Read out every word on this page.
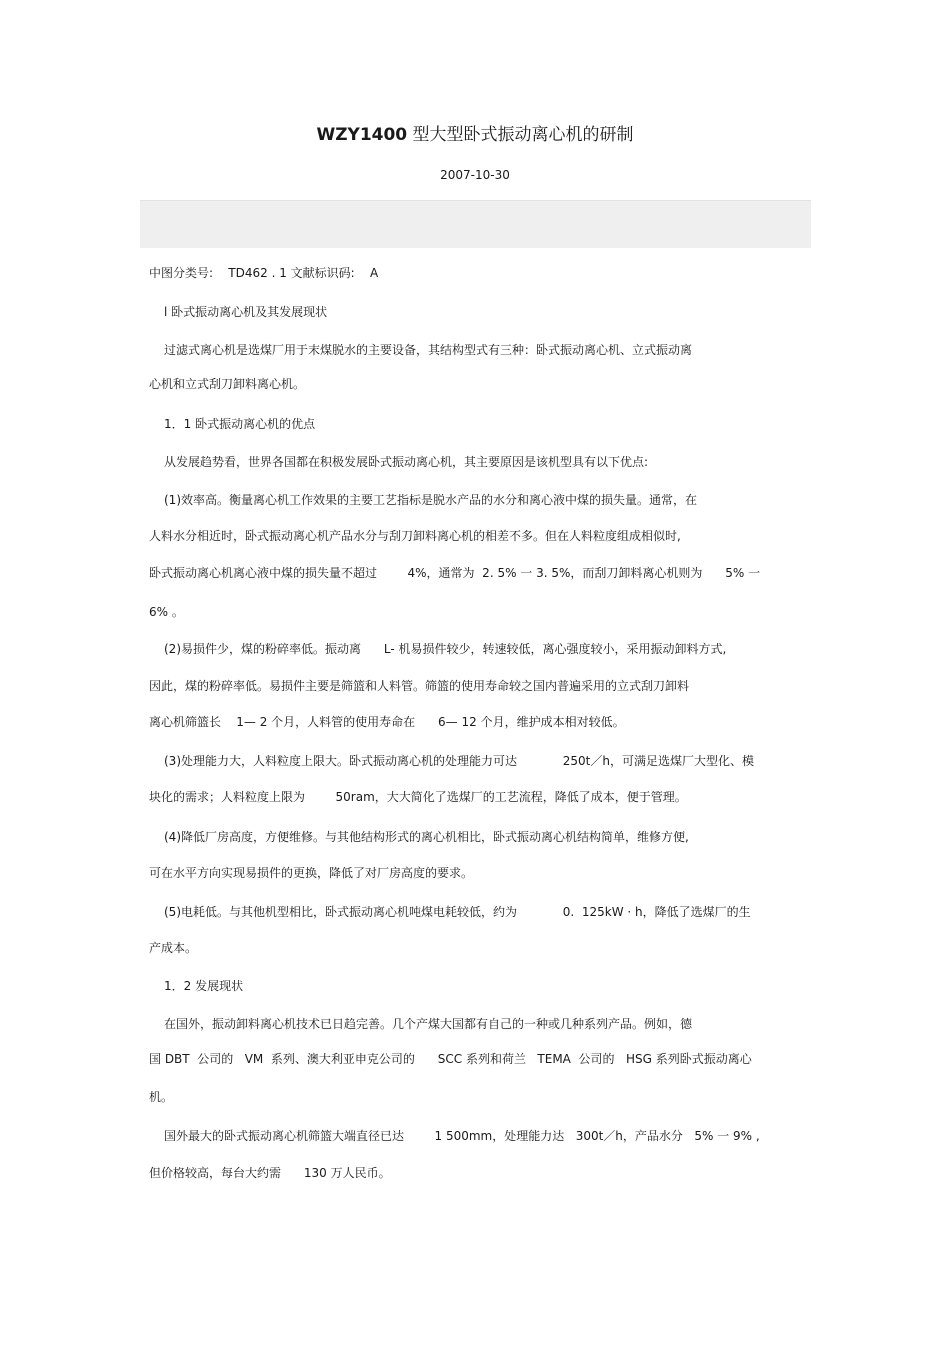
WZY1400 型大型卧式振动离心机的研制
2007-10-30
中图分类号:    TD462 . 1 文献标识码:    A
l 卧式振动离心机及其发展现状
过滤式离心机是选煤厂用于末煤脱水的主要设备，其结构型式有三种：卧式振动离心机、立式振动离
心机和立式刮刀卸料离心机。
1．1 卧式振动离心机的优点
从发展趋势看，世界各国都在积极发展卧式振动离心机，其主要原因是该机型具有以下优点:
(1)效率高。衡量离心机工作效果的主要工艺指标是脱水产品的水分和离心液中煤的损失量。通常，在
人料水分相近时，卧式振动离心机产品水分与刮刀卸料离心机的相差不多。但在人料粒度组成相似时,
卧式振动离心机离心液中煤的损失量不超过        4%，通常为  2. 5% 一 3. 5%，而刮刀卸料离心机则为      5% 一
6% 。
(2)易损件少，煤的粉碎率低。振动离      L- 机易损件较少，转速较低，离心强度较小，采用振动卸料方式,
因此，煤的粉碎率低。易损件主要是筛篮和人料管。筛篮的使用寿命较之国内普遍采用的立式刮刀卸料
离心机筛篮长    1— 2 个月，人料管的使用寿命在      6— 12 个月，维护成本相对较低。
(3)处理能力大，人料粒度上限大。卧式振动离心机的处理能力可达            250t／h，可满足选煤厂大型化、模
块化的需求；人料粒度上限为        50ram，大大简化了选煤厂的工艺流程，降低了成本，便于管理。
(4)降低厂房高度，方便维修。与其他结构形式的离心机相比，卧式振动离心机结构简单，维修方便,
可在水平方向实现易损件的更换，降低了对厂房高度的要求。
(5)电耗低。与其他机型相比，卧式振动离心机吨煤电耗较低，约为            0.  125kW · h，降低了选煤厂的生
产成本。
1．2 发展现状
在国外，振动卸料离心机技术已日趋完善。几个产煤大国都有自己的一种或几种系列产品。例如，德
国 DBT  公司的   VM  系列、澳大利亚申克公司的      SCC 系列和荷兰   TEMA  公司的   HSG 系列卧式振动离心
机。
国外最大的卧式振动离心机筛篮大端直径已达        1 500mm，处理能力达   300t／h，产品水分   5% 一 9% ,
但价格较高，每台大约需      130 万人民币。
